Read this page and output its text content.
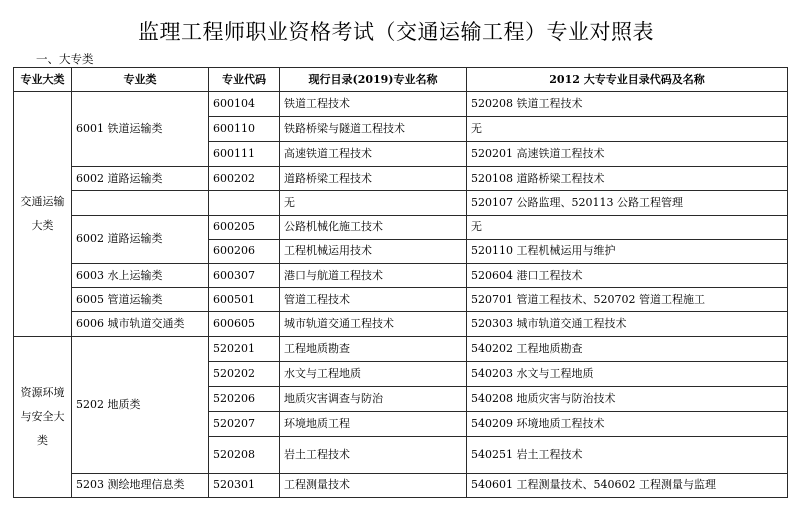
监理工程师职业资格考试（交通运输工程）专业对照表
一、大专类
专业大类	专业类	专业代码	现行目录(2019)专业名称	2012 大专专业目录代码及名称
交通运输大类	6001 铁道运输类	600104	铁道工程技术	520208 铁道工程技术
		600110	铁路桥梁与隧道工程技术	无
		600111	高速铁道工程技术	520201 高速铁道工程技术
	6002 道路运输类	600202	道路桥梁工程技术	520108 道路桥梁工程技术
			无	520107 公路监理、520113 公路工程管理
	6002 道路运输类	600205	公路机械化施工技术	无
		600206	工程机械运用技术	520110 工程机械运用与维护
	6003 水上运输类	600307	港口与航道工程技术	520604 港口工程技术
	6005 管道运输类	600501	管道工程技术	520701 管道工程技术、520702 管道工程施工
	6006 城市轨道交通类	600605	城市轨道交通工程技术	520303 城市轨道交通工程技术
资源环境与安全大类	5202 地质类	520201	工程地质勘查	540202 工程地质勘查
		520202	水文与工程地质	540203 水文与工程地质
		520206	地质灾害调查与防治	540208 地质灾害与防治技术
		520207	环境地质工程	540209 环境地质工程技术
		520208	岩土工程技术	540251 岩土工程技术
	5203 测绘地理信息类	520301	工程测量技术	540601 工程测量技术、540602 工程测量与监理
